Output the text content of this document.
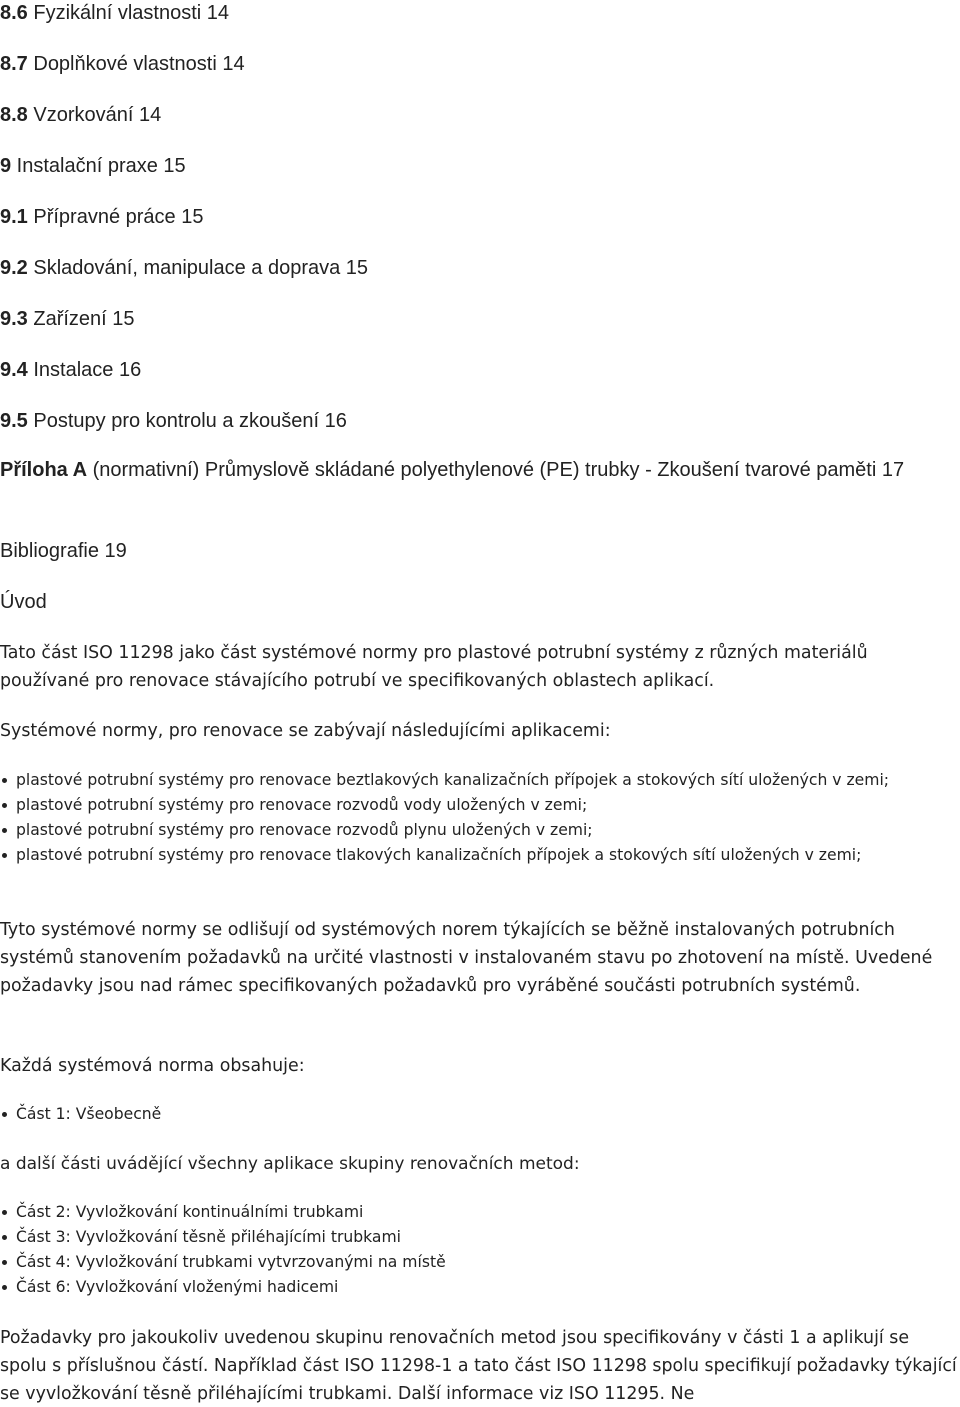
8.6 Fyzikální vlastnosti 14
8.7 Doplňkové vlastnosti 14
8.8 Vzorkování 14
9 Instalační praxe 15
9.1 Přípravné práce 15
9.2 Skladování, manipulace a doprava 15
9.3 Zařízení 15
9.4 Instalace 16
9.5 Postupy pro kontrolu a zkoušení 16
Příloha A (normativní) Průmyslově skládané polyethylenové (PE) trubky - Zkoušení tvarové paměti 17
Bibliografie 19
Úvod
Tato část ISO 11298 jako část systémové normy pro plastové potrubní systémy z různých materiálů používané pro renovace stávajícího potrubí ve specifikovaných oblastech aplikací.
Systémové normy, pro renovace se zabývají následujícími aplikacemi:
plastové potrubní systémy pro renovace beztlakových kanalizačních přípojek a stokových sítí uložených v zemi;
plastové potrubní systémy pro renovace rozvodů vody uložených v zemi;
plastové potrubní systémy pro renovace rozvodů plynu uložených v zemi;
plastové potrubní systémy pro renovace tlakových kanalizačních přípojek a stokových sítí uložených v zemi;
Tyto systémové normy se odlišují od systémových norem týkajících se běžně instalovaných potrubních systémů stanovením požadavků na určité vlastnosti v instalovaném stavu po zhotovení na místě. Uvedené požadavky jsou nad rámec specifikovaných požadavků pro vyráběné součásti potrubních systémů.
Každá systémová norma obsahuje:
Část 1: Všeobecně
a další části uvádějící všechny aplikace skupiny renovačních metod:
Část 2: Vyvložkování kontinuálními trubkami
Část 3: Vyvložkování těsně přiléhajícími trubkami
Část 4: Vyvložkování trubkami vytvrzovanými na místě
Část 6: Vyvložkování vloženými hadicemi
Požadavky pro jakoukoliv uvedenou skupinu renovačních metod jsou specifikovány v části 1 a aplikují se spolu s příslušnou částí. Například část ISO 11298-1 a tato část ISO 11298 spolu specifikují požadavky týkající se vyvložkování těsně přiléhajícími trubkami. Další informace viz ISO 11295. Ne
